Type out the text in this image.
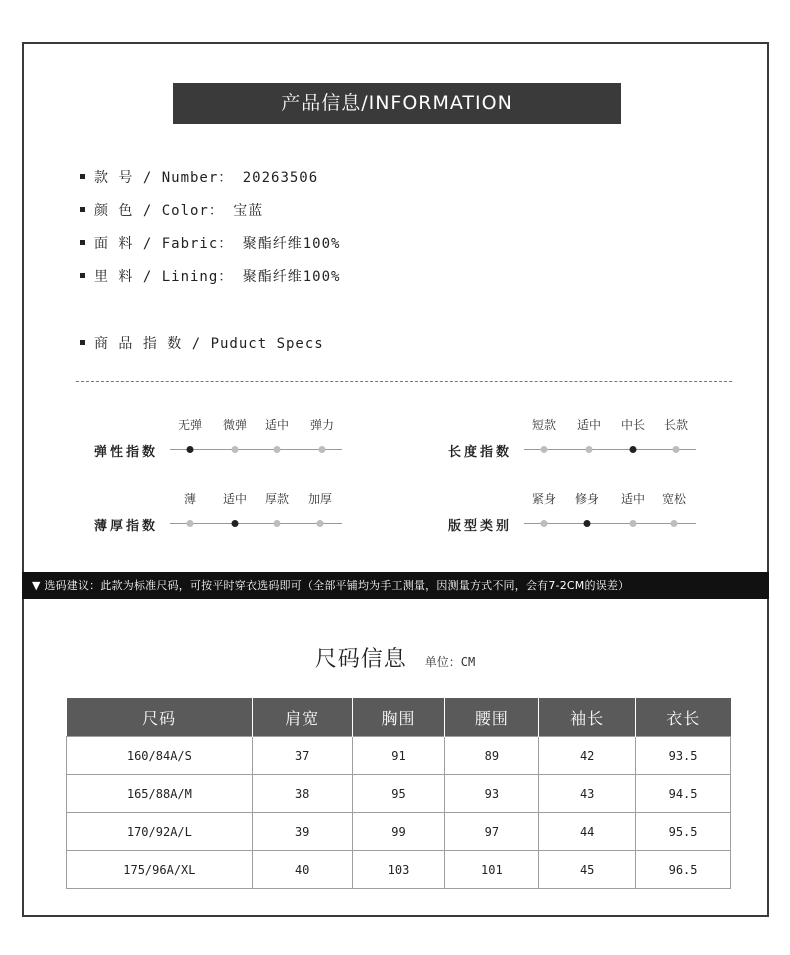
产品信息/INFORMATION
款 号 / Number： 20263506
颜 色 / Color： 宝蓝
面 料 / Fabric： 聚酯纤维100%
里 料 / Lining： 聚酯纤维100%
商 品 指 数 / Puduct Specs
弹性指数
无弹 微弹 适中 弹力
长度指数
短款 适中 中长 长款
薄厚指数
薄 适中 厚款 加厚
版型类别
紧身 修身 适中 宽松
▼ 选码建议：此款为标准尺码，可按平时穿衣选码即可（全部平铺均为手工测量，因测量方式不同，会有7-2CM的误差）
尺码信息 单位：CM
尺码	肩宽	胸围	腰围	袖长	衣长
160/84A/S	37	91	89	42	93.5
165/88A/M	38	95	93	43	94.5
170/92A/L	39	99	97	44	95.5
175/96A/XL	40	103	101	45	96.5
